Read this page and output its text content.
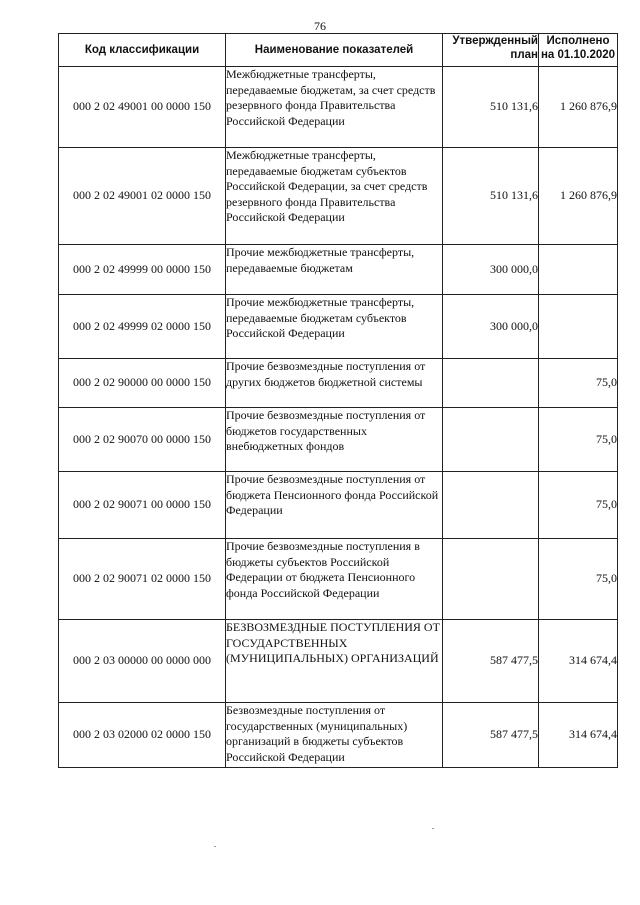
76
Код классификации	Наименование показателей	Утвержденный план	Исполнено на 01.10.2020
000 2 02 49001 00 0000 150	Межбюджетные трансферты, передаваемые бюджетам, за счет средств резервного фонда Правительства Российской Федерации	510 131,6	1 260 876,9
000 2 02 49001 02 0000 150	Межбюджетные трансферты, передаваемые бюджетам субъектов Российской Федерации, за счет средств резервного фонда Правительства Российской Федерации	510 131,6	1 260 876,9
000 2 02 49999 00 0000 150	Прочие межбюджетные трансферты, передаваемые бюджетам	300 000,0	
000 2 02 49999 02 0000 150	Прочие межбюджетные трансферты, передаваемые бюджетам субъектов Российской Федерации	300 000,0	
000 2 02 90000 00 0000 150	Прочие безвозмездные поступления от других бюджетов бюджетной системы		75,0
000 2 02 90070 00 0000 150	Прочие безвозмездные поступления от бюджетов государственных внебюджетных фондов		75,0
000 2 02 90071 00 0000 150	Прочие безвозмездные поступления от бюджета Пенсионного фонда Российской Федерации		75,0
000 2 02 90071 02 0000 150	Прочие безвозмездные поступления в бюджеты субъектов Российской Федерации от бюджета Пенсионного фонда Российской Федерации		75,0
000 2 03 00000 00 0000 000	БЕЗВОЗМЕЗДНЫЕ ПОСТУПЛЕНИЯ ОТ ГОСУДАРСТВЕННЫХ (МУНИЦИПАЛЬНЫХ) ОРГАНИЗАЦИЙ	587 477,5	314 674,4
000 2 03 02000 02 0000 150	Безвозмездные поступления от государственных (муниципальных) организаций в бюджеты субъектов Российской Федерации	587 477,5	314 674,4
